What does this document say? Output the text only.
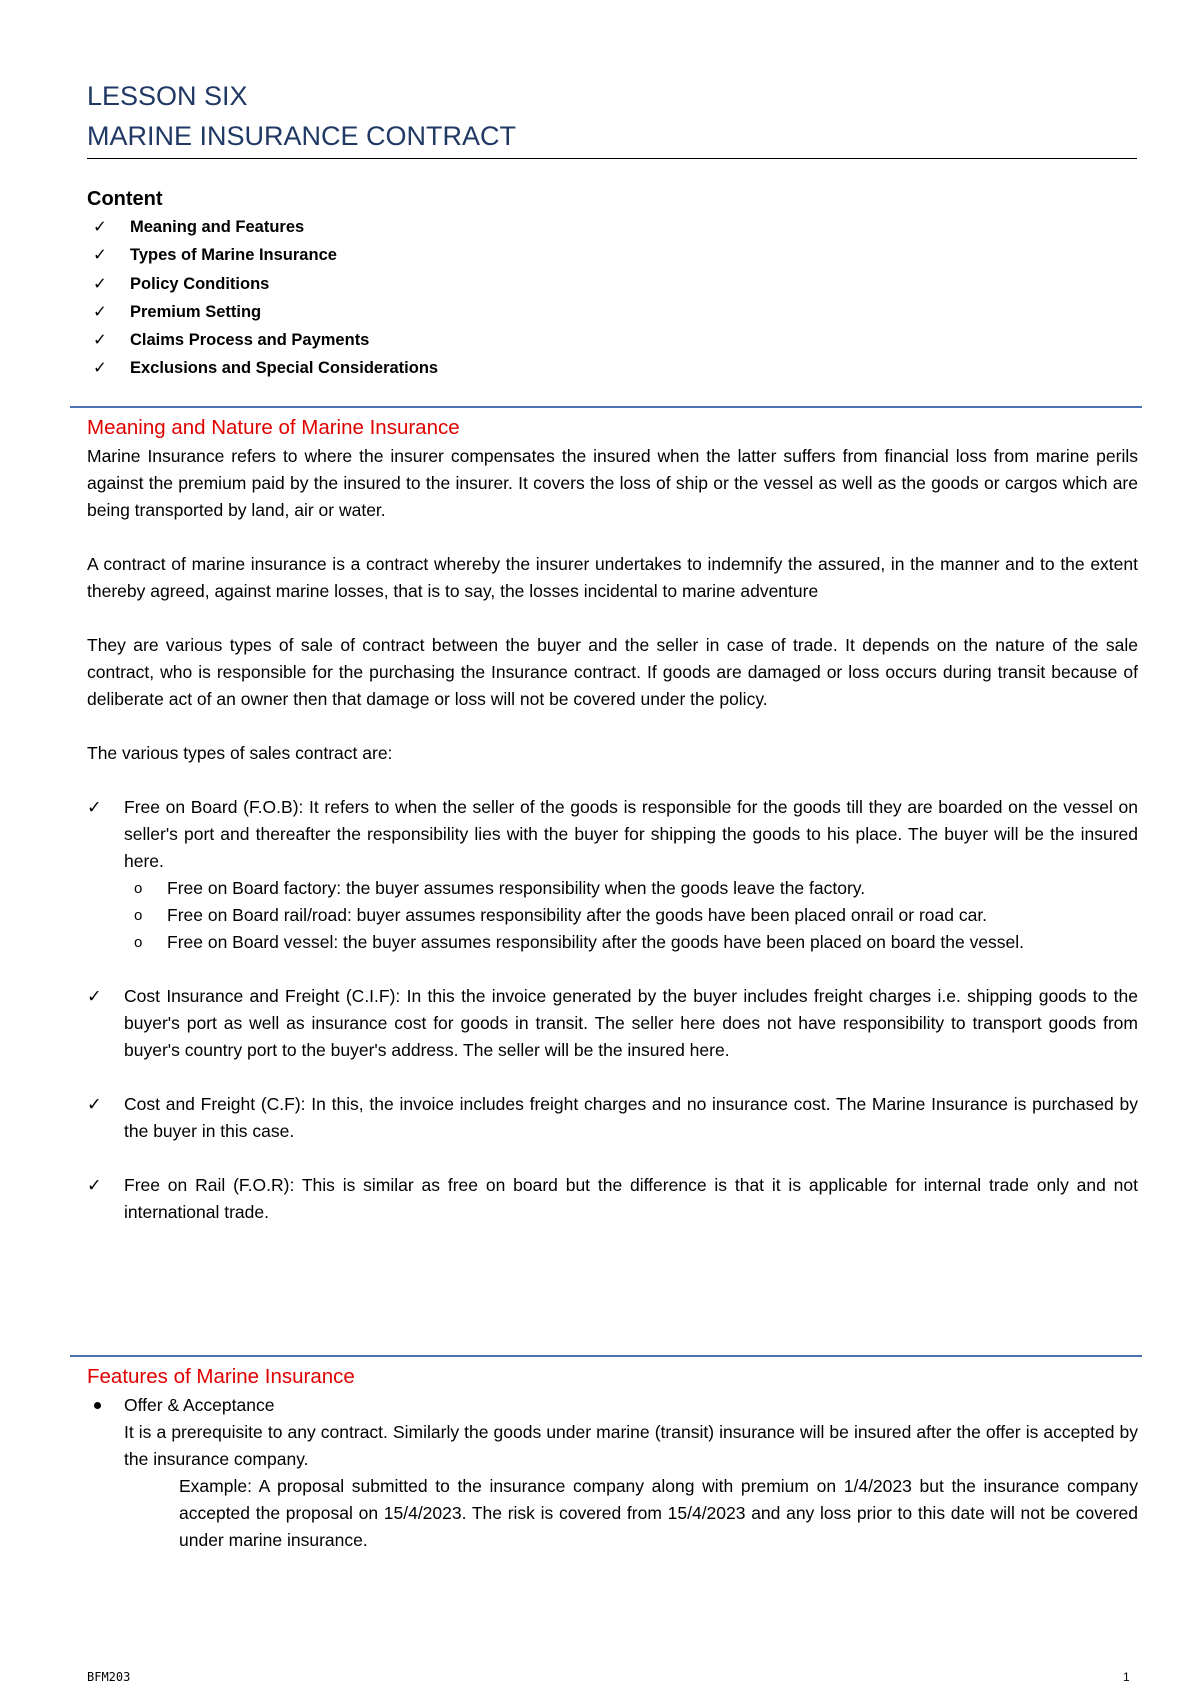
LESSON SIX
MARINE INSURANCE CONTRACT
Content
✓ Meaning and Features
✓ Types of Marine Insurance
✓ Policy Conditions
✓ Premium Setting
✓ Claims Process and Payments
✓ Exclusions and Special Considerations
Meaning and Nature of Marine Insurance
Marine Insurance refers to where the insurer compensates the insured when the latter suffers from financial loss from marine perils against the premium paid by the insured to the insurer. It covers the loss of ship or the vessel as well as the goods or cargos which are being transported by land, air or water.
A contract of marine insurance is a contract whereby the insurer undertakes to indemnify the assured, in the manner and to the extent thereby agreed, against marine losses, that is to say, the losses incidental to marine adventure
They are various types of sale of contract between the buyer and the seller in case of trade. It depends on the nature of the sale contract, who is responsible for the purchasing the Insurance contract. If goods are damaged or loss occurs during transit because of deliberate act of an owner then that damage or loss will not be covered under the policy.
The various types of sales contract are:
✓ Free on Board (F.O.B): It refers to when the seller of the goods is responsible for the goods till they are boarded on the vessel on seller's port and thereafter the responsibility lies with the buyer for shipping the goods to his place. The buyer will be the insured here.
o Free on Board factory: the buyer assumes responsibility when the goods leave the factory.
o Free on Board rail/road: buyer assumes responsibility after the goods have been placed onrail or road car.
o Free on Board vessel: the buyer assumes responsibility after the goods have been placed on board the vessel.
✓ Cost Insurance and Freight (C.I.F): In this the invoice generated by the buyer includes freight charges i.e. shipping goods to the buyer's port as well as insurance cost for goods in transit. The seller here does not have responsibility to transport goods from buyer's country port to the buyer's address. The seller will be the insured here.
✓ Cost and Freight (C.F): In this, the invoice includes freight charges and no insurance cost. The Marine Insurance is purchased by the buyer in this case.
✓ Free on Rail (F.O.R): This is similar as free on board but the difference is that it is applicable for internal trade only and not international trade.
Features of Marine Insurance
Offer & Acceptance
It is a prerequisite to any contract. Similarly the goods under marine (transit) insurance will be insured after the offer is accepted by the insurance company.
Example: A proposal submitted to the insurance company along with premium on 1/4/2023 but the insurance company accepted the proposal on 15/4/2023. The risk is covered from 15/4/2023 and any loss prior to this date will not be covered under marine insurance.
BFM203	1
